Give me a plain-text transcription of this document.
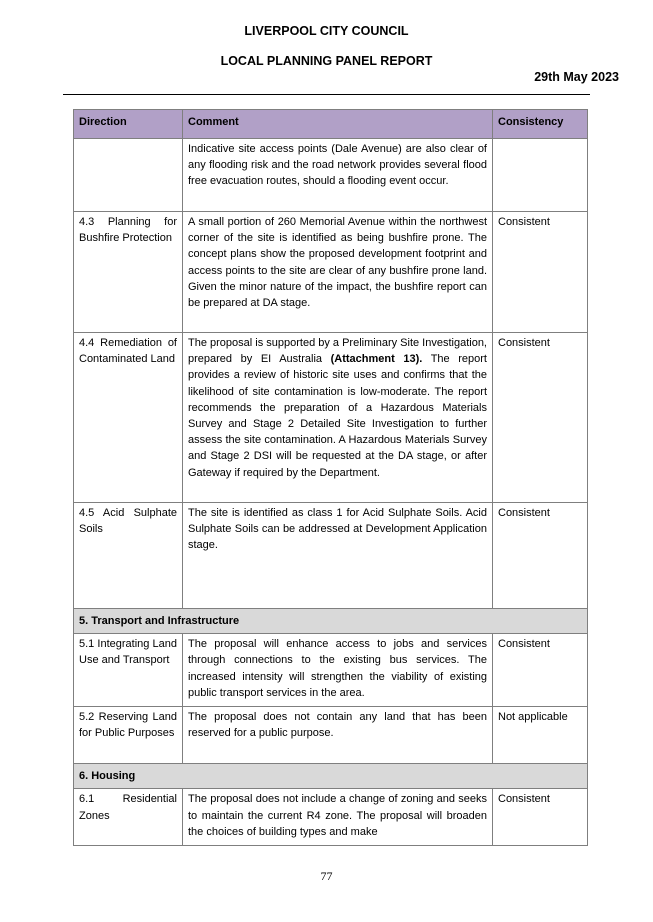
LIVERPOOL CITY COUNCIL
LOCAL PLANNING PANEL REPORT
29th May 2023
Direction	Comment	Consistency
	Indicative site access points (Dale Avenue) are also clear of any flooding risk and the road network provides several flood free evacuation routes, should a flooding event occur.	
4.3 Planning for Bushfire Protection	A small portion of 260 Memorial Avenue within the northwest corner of the site is identified as being bushfire prone. The concept plans show the proposed development footprint and access points to the site are clear of any bushfire prone land. Given the minor nature of the impact, the bushfire report can be prepared at DA stage.	Consistent
4.4 Remediation of Contaminated Land	The proposal is supported by a Preliminary Site Investigation, prepared by EI Australia (Attachment 13). The report provides a review of historic site uses and confirms that the likelihood of site contamination is low-moderate. The report recommends the preparation of a Hazardous Materials Survey and Stage 2 Detailed Site Investigation to further assess the site contamination. A Hazardous Materials Survey and Stage 2 DSI will be requested at the DA stage, or after Gateway if required by the Department.	Consistent
4.5 Acid Sulphate Soils	The site is identified as class 1 for Acid Sulphate Soils. Acid Sulphate Soils can be addressed at Development Application stage.	Consistent
5. Transport and Infrastructure		
5.1 Integrating Land Use and Transport	The proposal will enhance access to jobs and services through connections to the existing bus services. The increased intensity will strengthen the viability of existing public transport services in the area.	Consistent
5.2 Reserving Land for Public Purposes	The proposal does not contain any land that has been reserved for a public purpose.	Not applicable
6. Housing		
6.1 Residential Zones	The proposal does not include a change of zoning and seeks to maintain the current R4 zone. The proposal will broaden the choices of building types and make	Consistent
77
